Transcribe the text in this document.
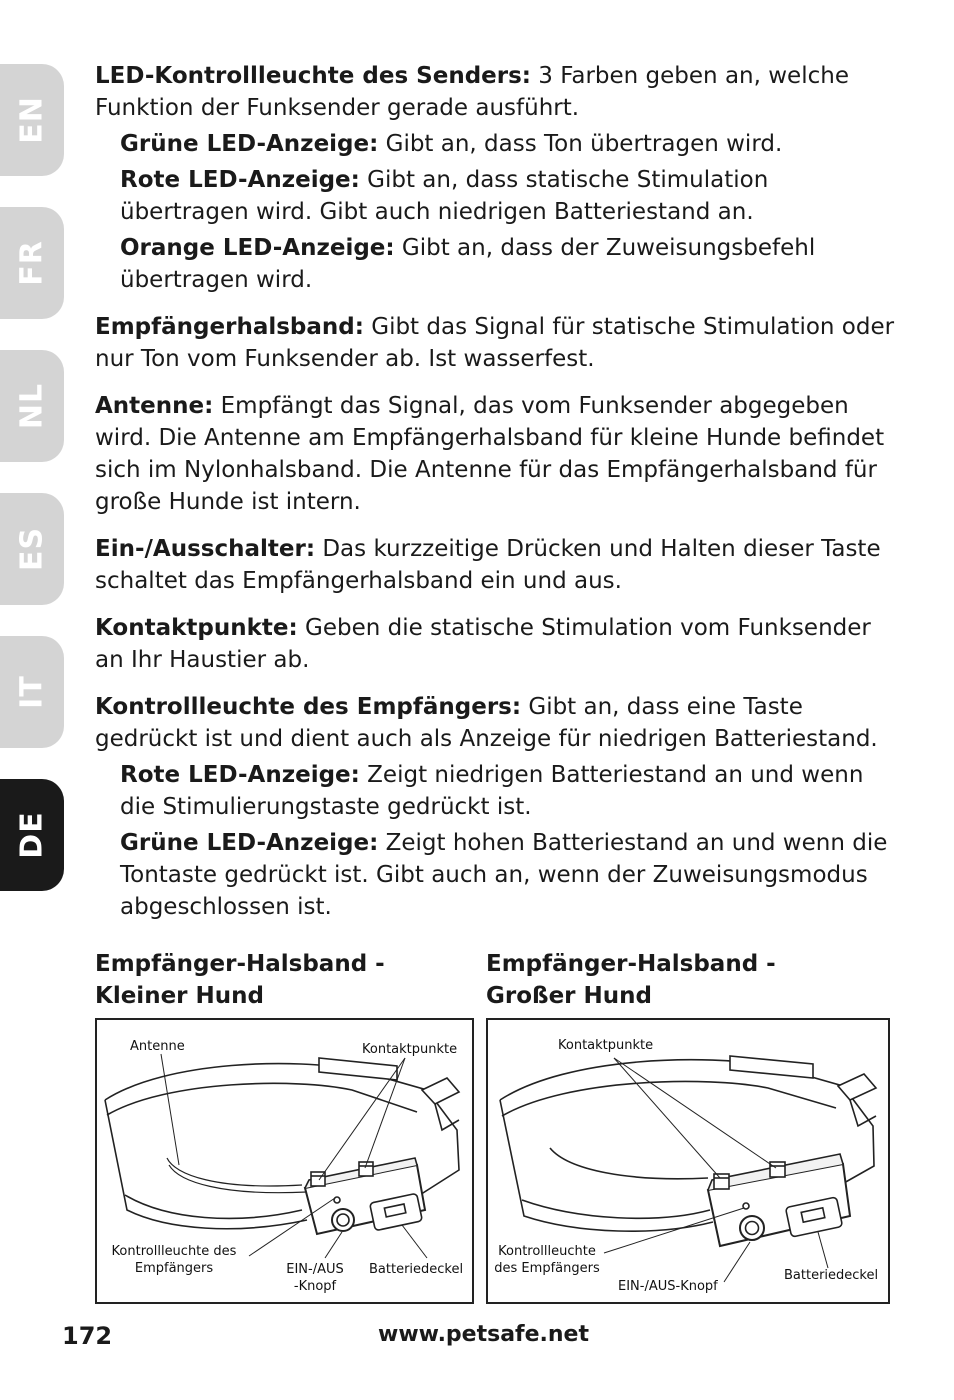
EN
FR
NL
ES
IT
DE
LED-Kontrollleuchte des Senders: 3 Farben geben an, welche Funktion der Funksender gerade ausführt.
Grüne LED-Anzeige: Gibt an, dass Ton übertragen wird.
Rote LED-Anzeige: Gibt an, dass statische Stimulation übertragen wird. Gibt auch niedrigen Batteriestand an.
Orange LED-Anzeige: Gibt an, dass der Zuweisungsbefehl übertragen wird.
Empfängerhalsband: Gibt das Signal für statische Stimulation oder nur Ton vom Funksender ab. Ist wasserfest.
Antenne: Empfängt das Signal, das vom Funksender abgegeben wird. Die Antenne am Empfängerhalsband für kleine Hunde befindet sich im Nylonhalsband. Die Antenne für das Empfängerhalsband für große Hunde ist intern.
Ein-/Ausschalter: Das kurzzeitige Drücken und Halten dieser Taste schaltet das Empfängerhalsband ein und aus.
Kontaktpunkte: Geben die statische Stimulation vom Funksender an Ihr Haustier ab.
Kontrollleuchte des Empfängers: Gibt an, dass eine Taste gedrückt ist und dient auch als Anzeige für niedrigen Batteriestand.
Rote LED-Anzeige: Zeigt niedrigen Batteriestand an und wenn die Stimulierungstaste gedrückt ist.
Grüne LED-Anzeige: Zeigt hohen Batteriestand an und wenn die Tontaste gedrückt ist. Gibt auch an, wenn der Zuweisungsmodus abgeschlossen ist.
Empfänger-Halsband -
Kleiner Hund
Empfänger-Halsband -
Großer Hund
Antenne	Kontaktpunkte
Kontrollleuchte des
Empfängers	EIN-/AUS
-Knopf
Batteriedeckel
Kontaktpunkte
Kontrollleuchte
des Empfängers
EIN-/AUS-Knopf
Batteriedeckel
172	www.petsafe.net
